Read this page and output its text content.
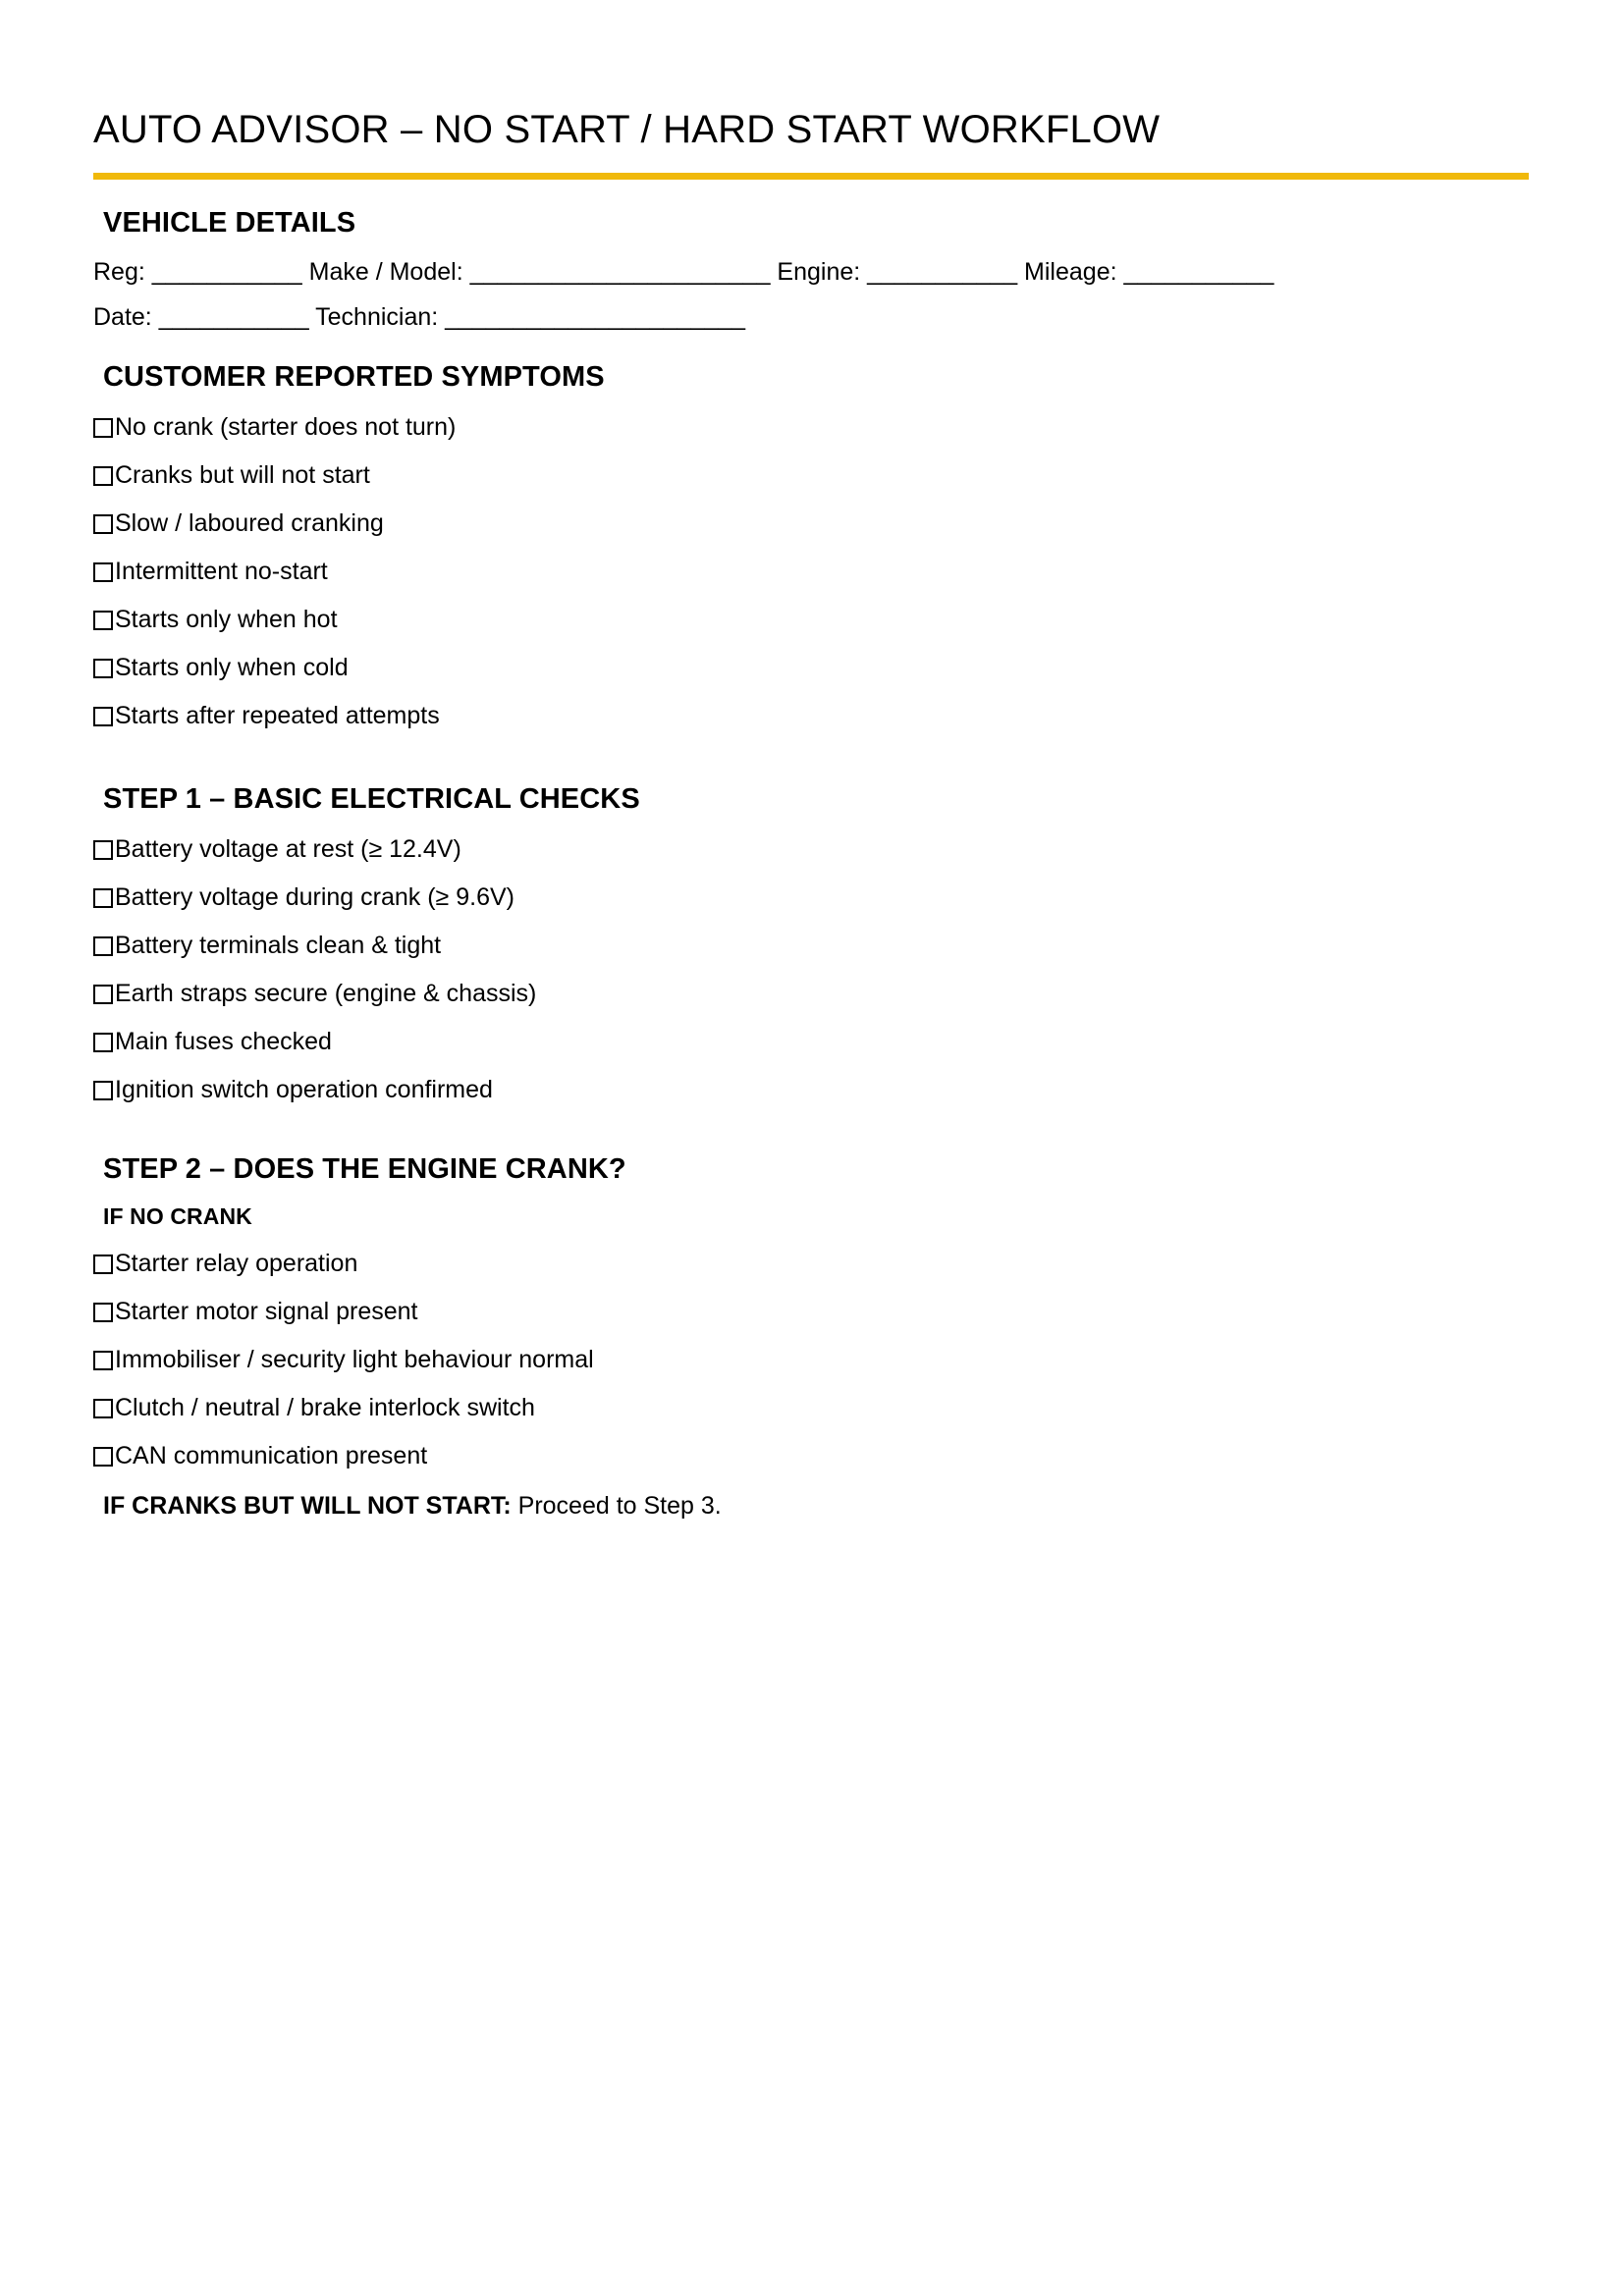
AUTO ADVISOR – NO START / HARD START WORKFLOW
VEHICLE DETAILS

Reg: ___________ Make / Model: ______________________ Engine: ___________ Mileage: ___________

Date: ___________ Technician: ______________________

CUSTOMER REPORTED SYMPTOMS
No crank (starter does not turn)
Cranks but will not start
Slow / laboured cranking
Intermittent no-start
Starts only when hot
Starts only when cold
Starts after repeated attempts
STEP 1 – BASIC ELECTRICAL CHECKS
Battery voltage at rest (≥ 12.4V)
Battery voltage during crank (≥ 9.6V)
Battery terminals clean & tight
Earth straps secure (engine & chassis)
Main fuses checked
Ignition switch operation confirmed
STEP 2 – DOES THE ENGINE CRANK?
IF NO CRANK
Starter relay operation
Starter motor signal present
Immobiliser / security light behaviour normal
Clutch / neutral / brake interlock switch
CAN communication present

IF CRANKS BUT WILL NOT START: Proceed to Step 3.
